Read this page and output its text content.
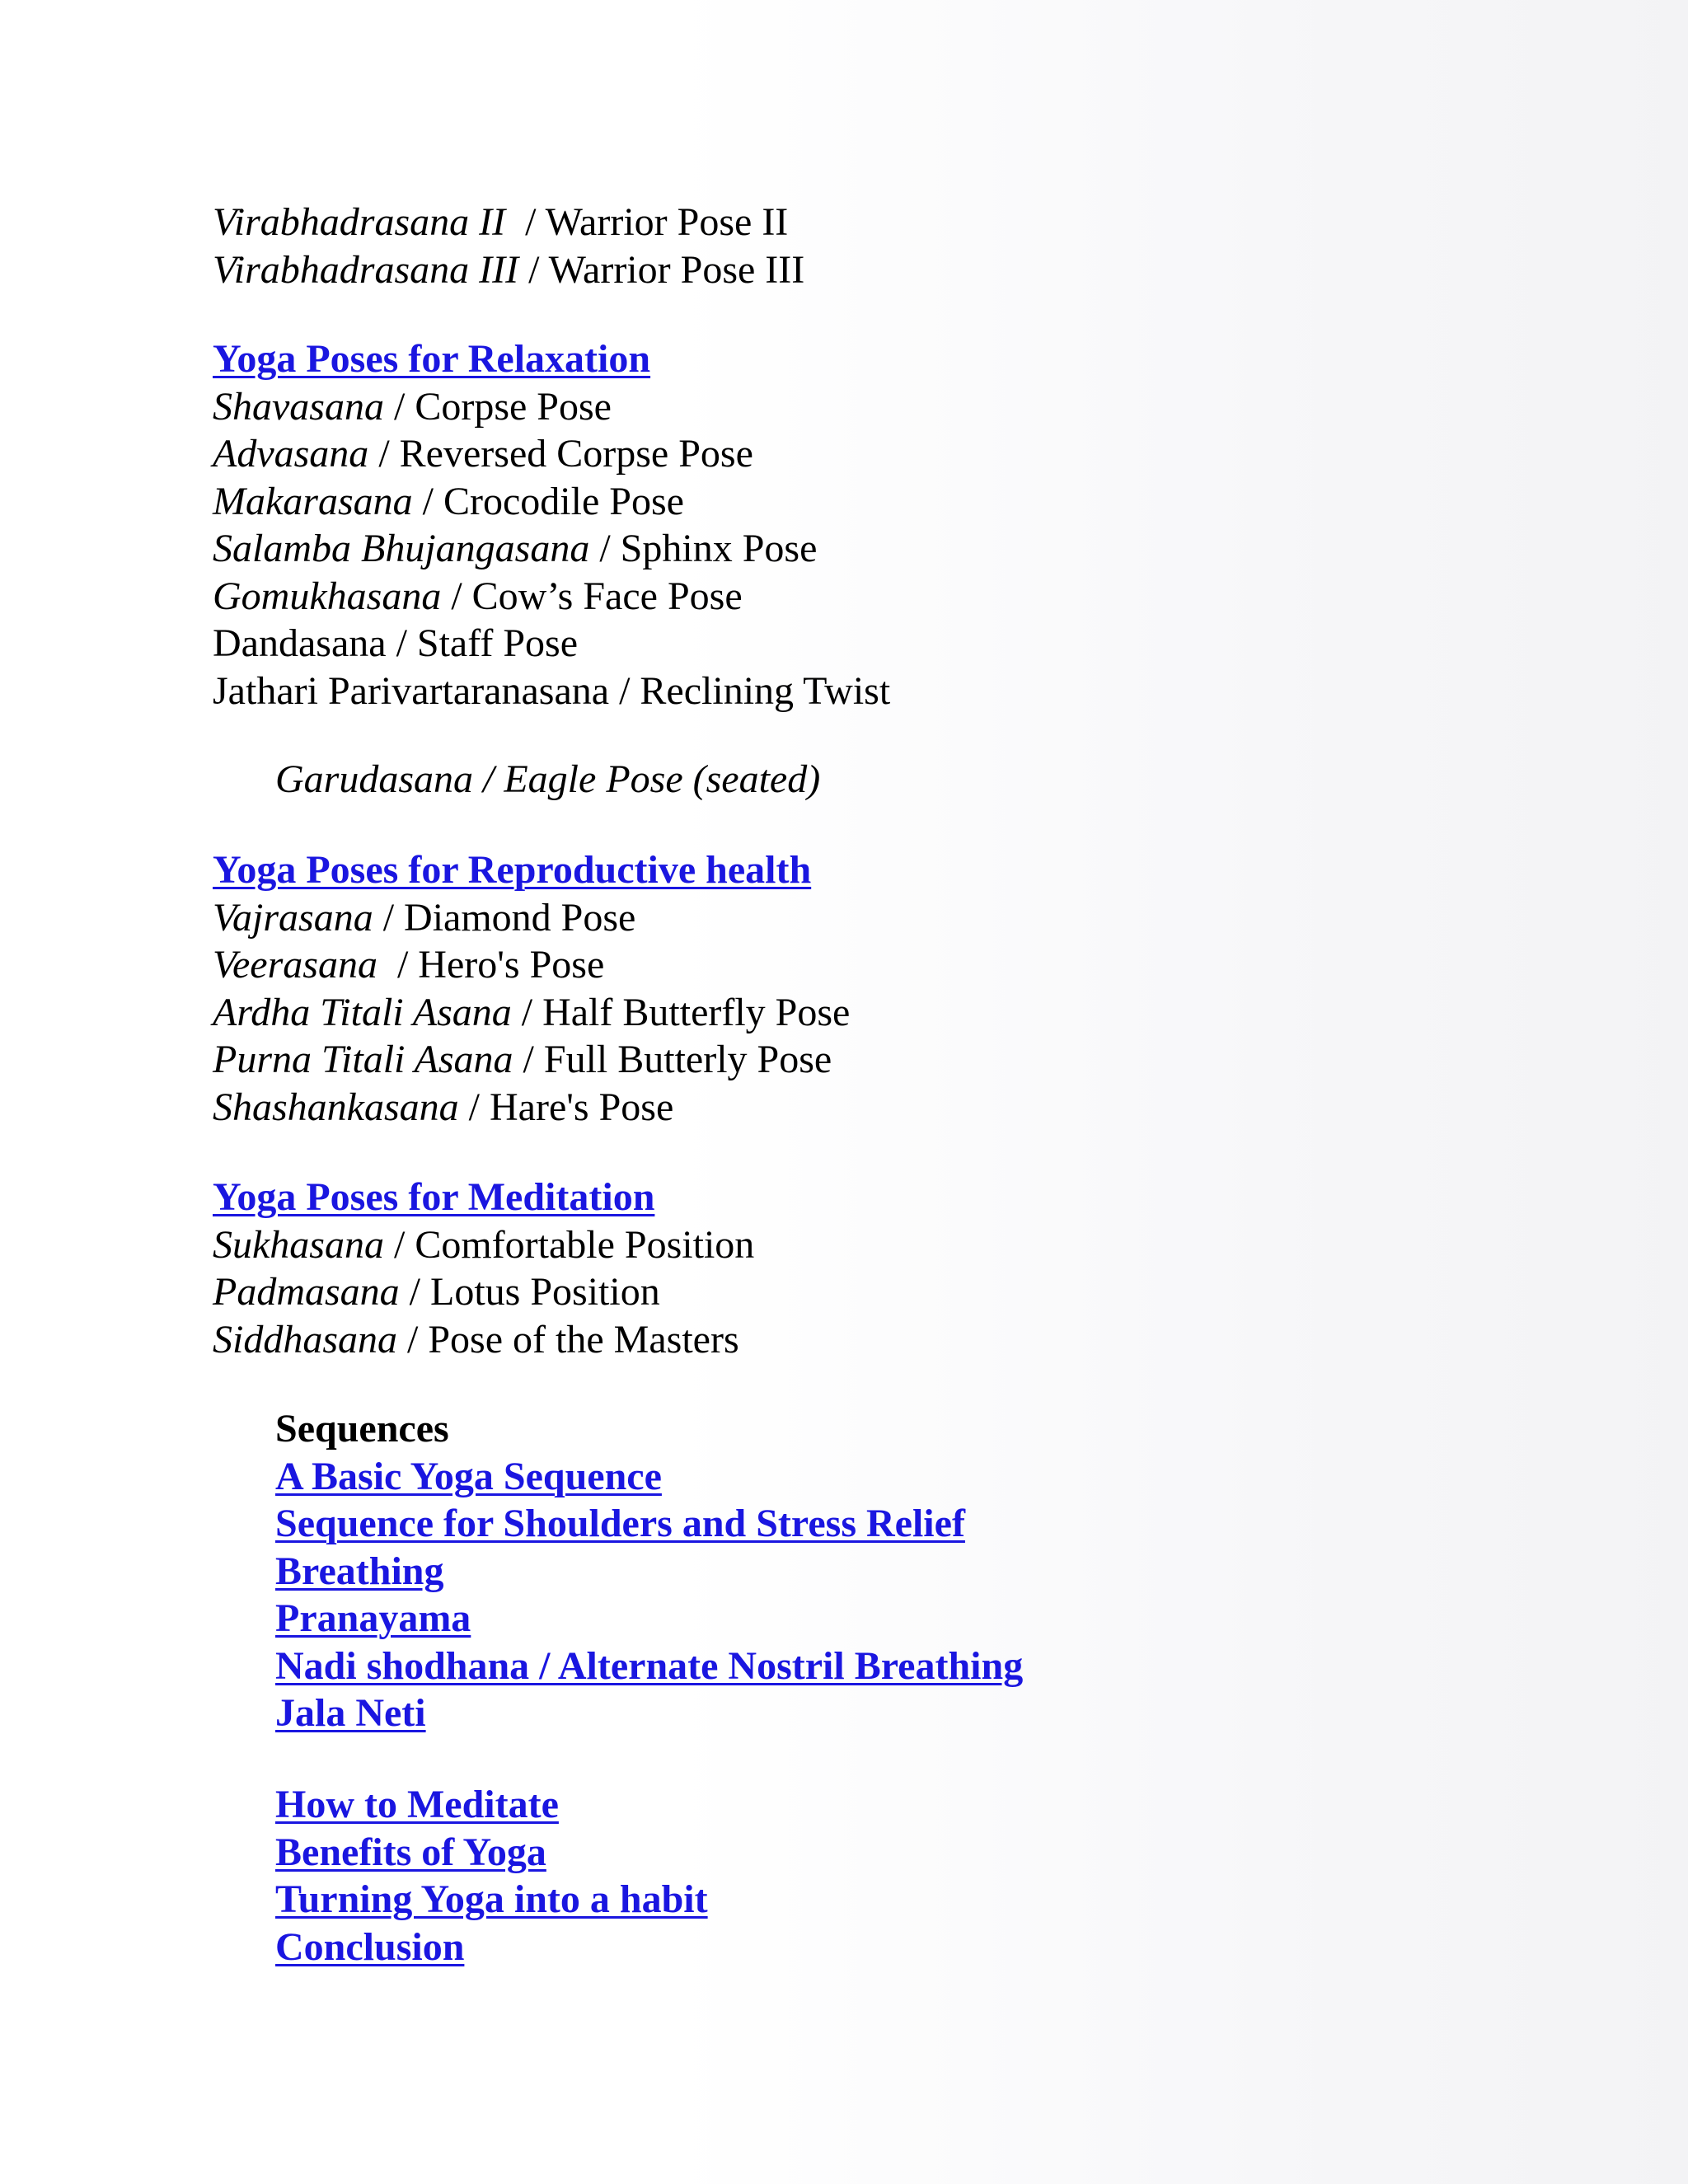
Virabhadrasana II  / Warrior Pose II
Virabhadrasana III / Warrior Pose III
Yoga Poses for Relaxation
Shavasana / Corpse Pose
Advasana / Reversed Corpse Pose
Makarasana / Crocodile Pose
Salamba Bhujangasana / Sphinx Pose
Gomukhasana / Cow’s Face Pose
Dandasana / Staff Pose
Jathari Parivartaranasana / Reclining Twist
Garudasana / Eagle Pose (seated)
Yoga Poses for Reproductive health
Vajrasana / Diamond Pose
Veerasana  / Hero's Pose
Ardha Titali Asana / Half Butterfly Pose
Purna Titali Asana / Full Butterly Pose
Shashankasana / Hare's Pose
Yoga Poses for Meditation
Sukhasana / Comfortable Position
Padmasana / Lotus Position
Siddhasana / Pose of the Masters
Sequences
A Basic Yoga Sequence
Sequence for Shoulders and Stress Relief
Breathing
Pranayama
Nadi shodhana / Alternate Nostril Breathing
Jala Neti
How to Meditate
Benefits of Yoga
Turning Yoga into a habit
Conclusion
